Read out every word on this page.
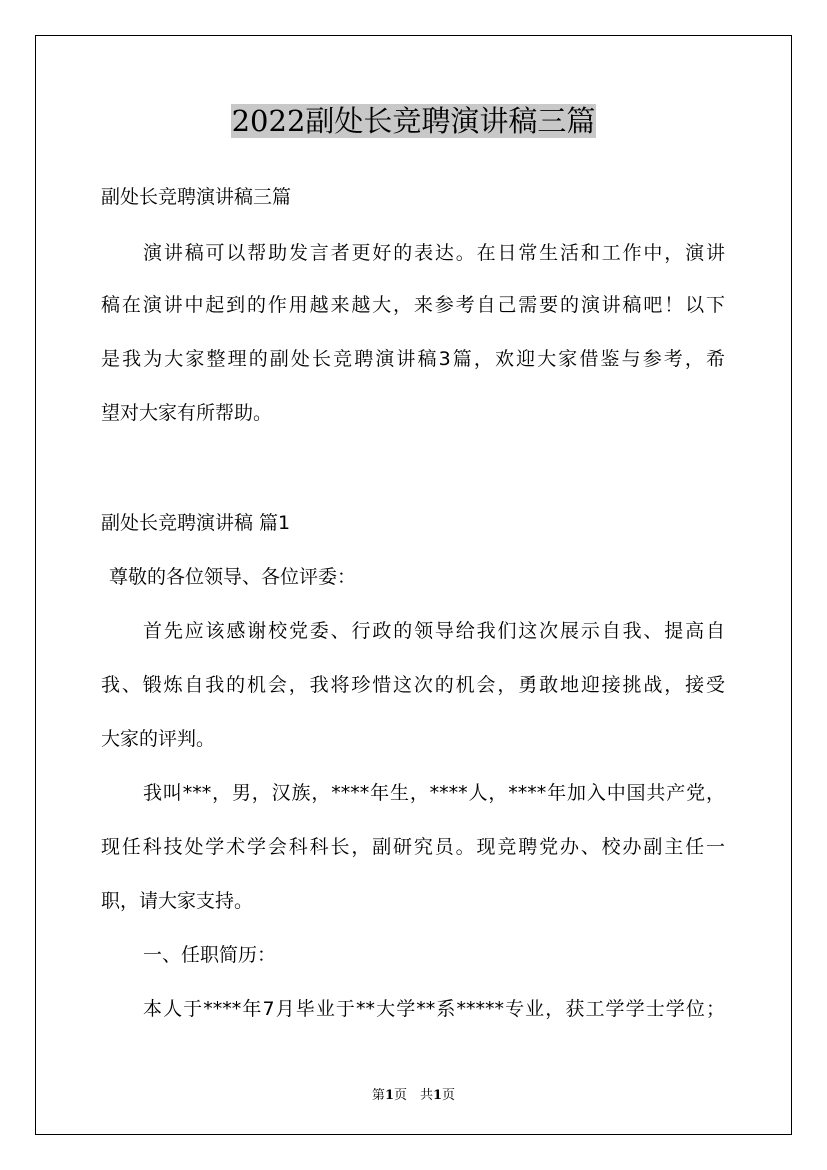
2022副处长竞聘演讲稿三篇
副处长竞聘演讲稿三篇
演讲稿可以帮助发言者更好的表达。在日常生活和工作中，演讲
稿在演讲中起到的作用越来越大，来参考自己需要的演讲稿吧！以下
是我为大家整理的副处长竞聘演讲稿3篇，欢迎大家借鉴与参考，希
望对大家有所帮助。
副处长竞聘演讲稿 篇1
尊敬的各位领导、各位评委：
首先应该感谢校党委、行政的领导给我们这次展示自我、提高自
我、锻炼自我的机会，我将珍惜这次的机会，勇敢地迎接挑战，接受
大家的评判。
我叫***，男，汉族，****年生，****人，****年加入中国共产党，
现任科技处学术学会科科长，副研究员。现竞聘党办、校办副主任一
职，请大家支持。
一、任职简历：
本人于****年7月毕业于**大学**系*****专业，获工学学士学位；
第1页　共1页
